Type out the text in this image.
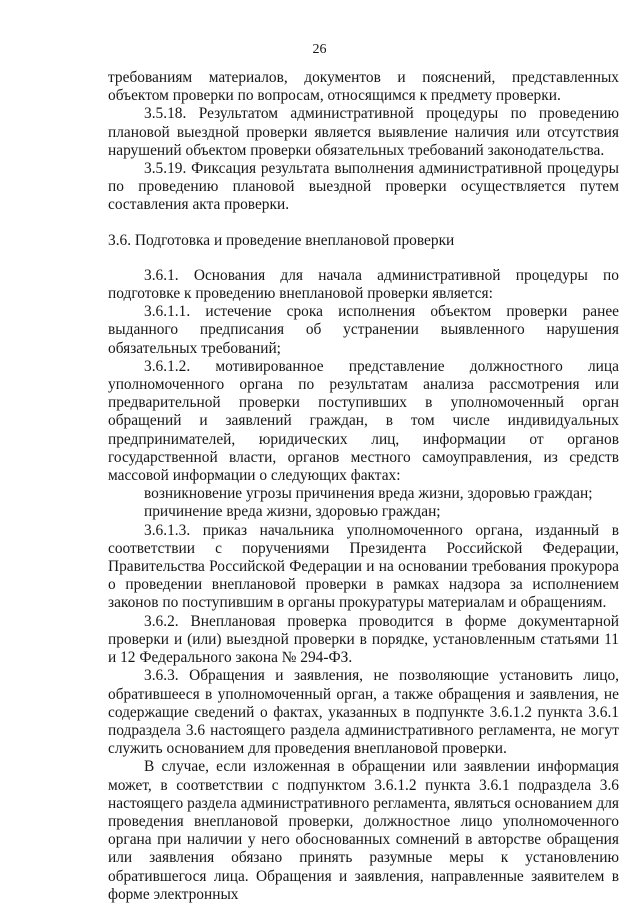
26

требованиям материалов, документов и пояснений, представленных объектом проверки по вопросам, относящимся к предмету проверки.

3.5.18. Результатом административной процедуры по проведению плановой выездной проверки является выявление наличия или отсутствия нарушений объектом проверки обязательных требований законодательства.

3.5.19. Фиксация результата выполнения административной процедуры по проведению плановой выездной проверки осуществляется путем составления акта проверки.

3.6. Подготовка и проведение внеплановой проверки

3.6.1. Основания для начала административной процедуры по подготовке к проведению внеплановой проверки является:

3.6.1.1. истечение срока исполнения объектом проверки ранее выданного предписания об устранении выявленного нарушения обязательных требований;

3.6.1.2. мотивированное представление должностного лица уполномоченного органа по результатам анализа рассмотрения или предварительной проверки поступивших в уполномоченный орган обращений и заявлений граждан, в том числе индивидуальных предпринимателей, юридических лиц, информации от органов государственной власти, органов местного самоуправления, из средств массовой информации о следующих фактах:

возникновение угрозы причинения вреда жизни, здоровью граждан;

причинение вреда жизни, здоровью граждан;

3.6.1.3. приказ начальника уполномоченного органа, изданный в соответствии с поручениями Президента Российской Федерации, Правительства Российской Федерации и на основании требования прокурора о проведении внеплановой проверки в рамках надзора за исполнением законов по поступившим в органы прокуратуры материалам и обращениям.

3.6.2. Внеплановая проверка проводится в форме документарной проверки и (или) выездной проверки в порядке, установленным статьями 11 и 12 Федерального закона № 294-ФЗ.

3.6.3. Обращения и заявления, не позволяющие установить лицо, обратившееся в уполномоченный орган, а также обращения и заявления, не содержащие сведений о фактах, указанных в подпункте 3.6.1.2 пункта 3.6.1 подраздела 3.6 настоящего раздела административного регламента, не могут служить основанием для проведения внеплановой проверки.

В случае, если изложенная в обращении или заявлении информация может, в соответствии с подпунктом 3.6.1.2 пункта 3.6.1 подраздела 3.6 настоящего раздела административного регламента, являться основанием для проведения внеплановой проверки, должностное лицо уполномоченного органа при наличии у него обоснованных сомнений в авторстве обращения или заявления обязано принять разумные меры к установлению обратившегося лица. Обращения и заявления, направленные заявителем в форме электронных
